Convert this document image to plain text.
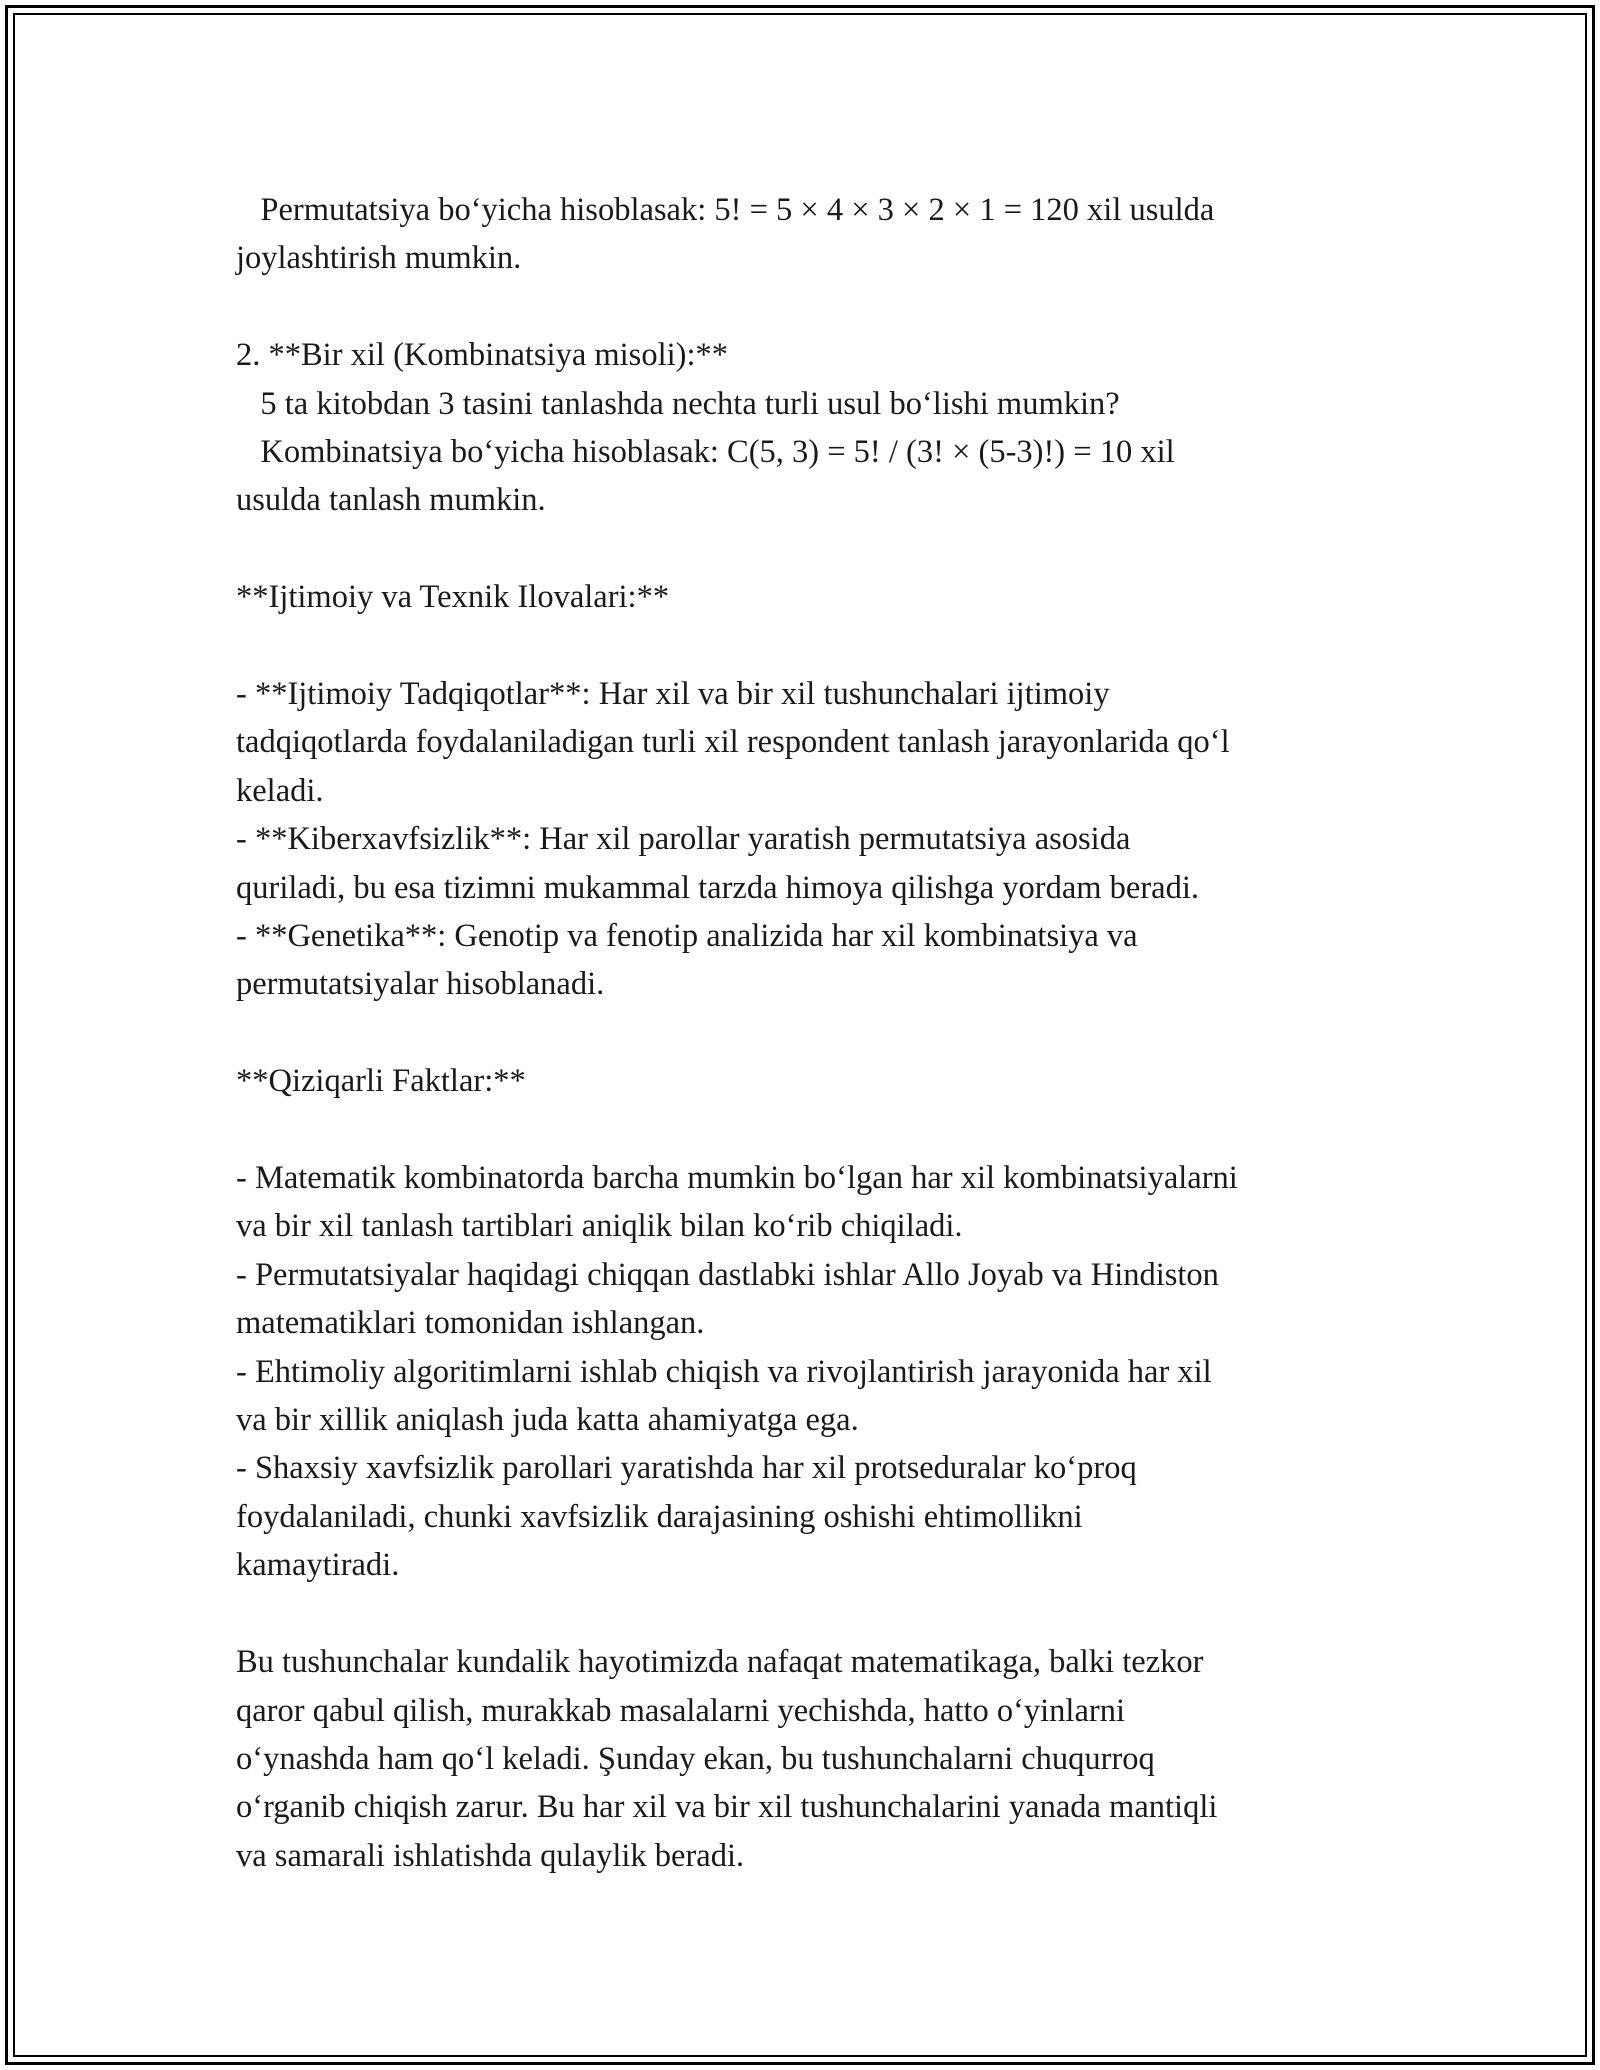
Permutatsiya bo‘yicha hisoblasak: 5! = 5 × 4 × 3 × 2 × 1 = 120 xil usulda

joylashtirish mumkin.

2. **Bir xil (Kombinatsiya misoli):**

5 ta kitobdan 3 tasini tanlashda nechta turli usul bo‘lishi mumkin?

Kombinatsiya bo‘yicha hisoblasak: C(5, 3) = 5! / (3! × (5-3)!) = 10 xil

usulda tanlash mumkin.

**Ijtimoiy va Texnik Ilovalari:**

- **Ijtimoiy Tadqiqotlar**: Har xil va bir xil tushunchalari ijtimoiy

tadqiqotlarda foydalaniladigan turli xil respondent tanlash jarayonlarida qo‘l

keladi.

- **Kiberxavfsizlik**: Har xil parollar yaratish permutatsiya asosida

quriladi, bu esa tizimni mukammal tarzda himoya qilishga yordam beradi.

- **Genetika**: Genotip va fenotip analizida har xil kombinatsiya va

permutatsiyalar hisoblanadi.

**Qiziqarli Faktlar:**

- Matematik kombinatorda barcha mumkin bo‘lgan har xil kombinatsiyalarni

va bir xil tanlash tartiblari aniqlik bilan ko‘rib chiqiladi.

- Permutatsiyalar haqidagi chiqqan dastlabki ishlar Allo Joyab va Hindiston

matematiklari tomonidan ishlangan.

- Ehtimoliy algoritimlarni ishlab chiqish va rivojlantirish jarayonida har xil

va bir xillik aniqlash juda katta ahamiyatga ega.

- Shaxsiy xavfsizlik parollari yaratishda har xil protseduralar ko‘proq

foydalaniladi, chunki xavfsizlik darajasining oshishi ehtimollikni

kamaytiradi.

Bu tushunchalar kundalik hayotimizda nafaqat matematikaga, balki tezkor

qaror qabul qilish, murakkab masalalarni yechishda, hatto o‘yinlarni

o‘ynashda ham qo‘l keladi. Şunday ekan, bu tushunchalarni chuqurroq

o‘rganib chiqish zarur. Bu har xil va bir xil tushunchalarini yanada mantiqli

va samarali ishlatishda qulaylik beradi.
